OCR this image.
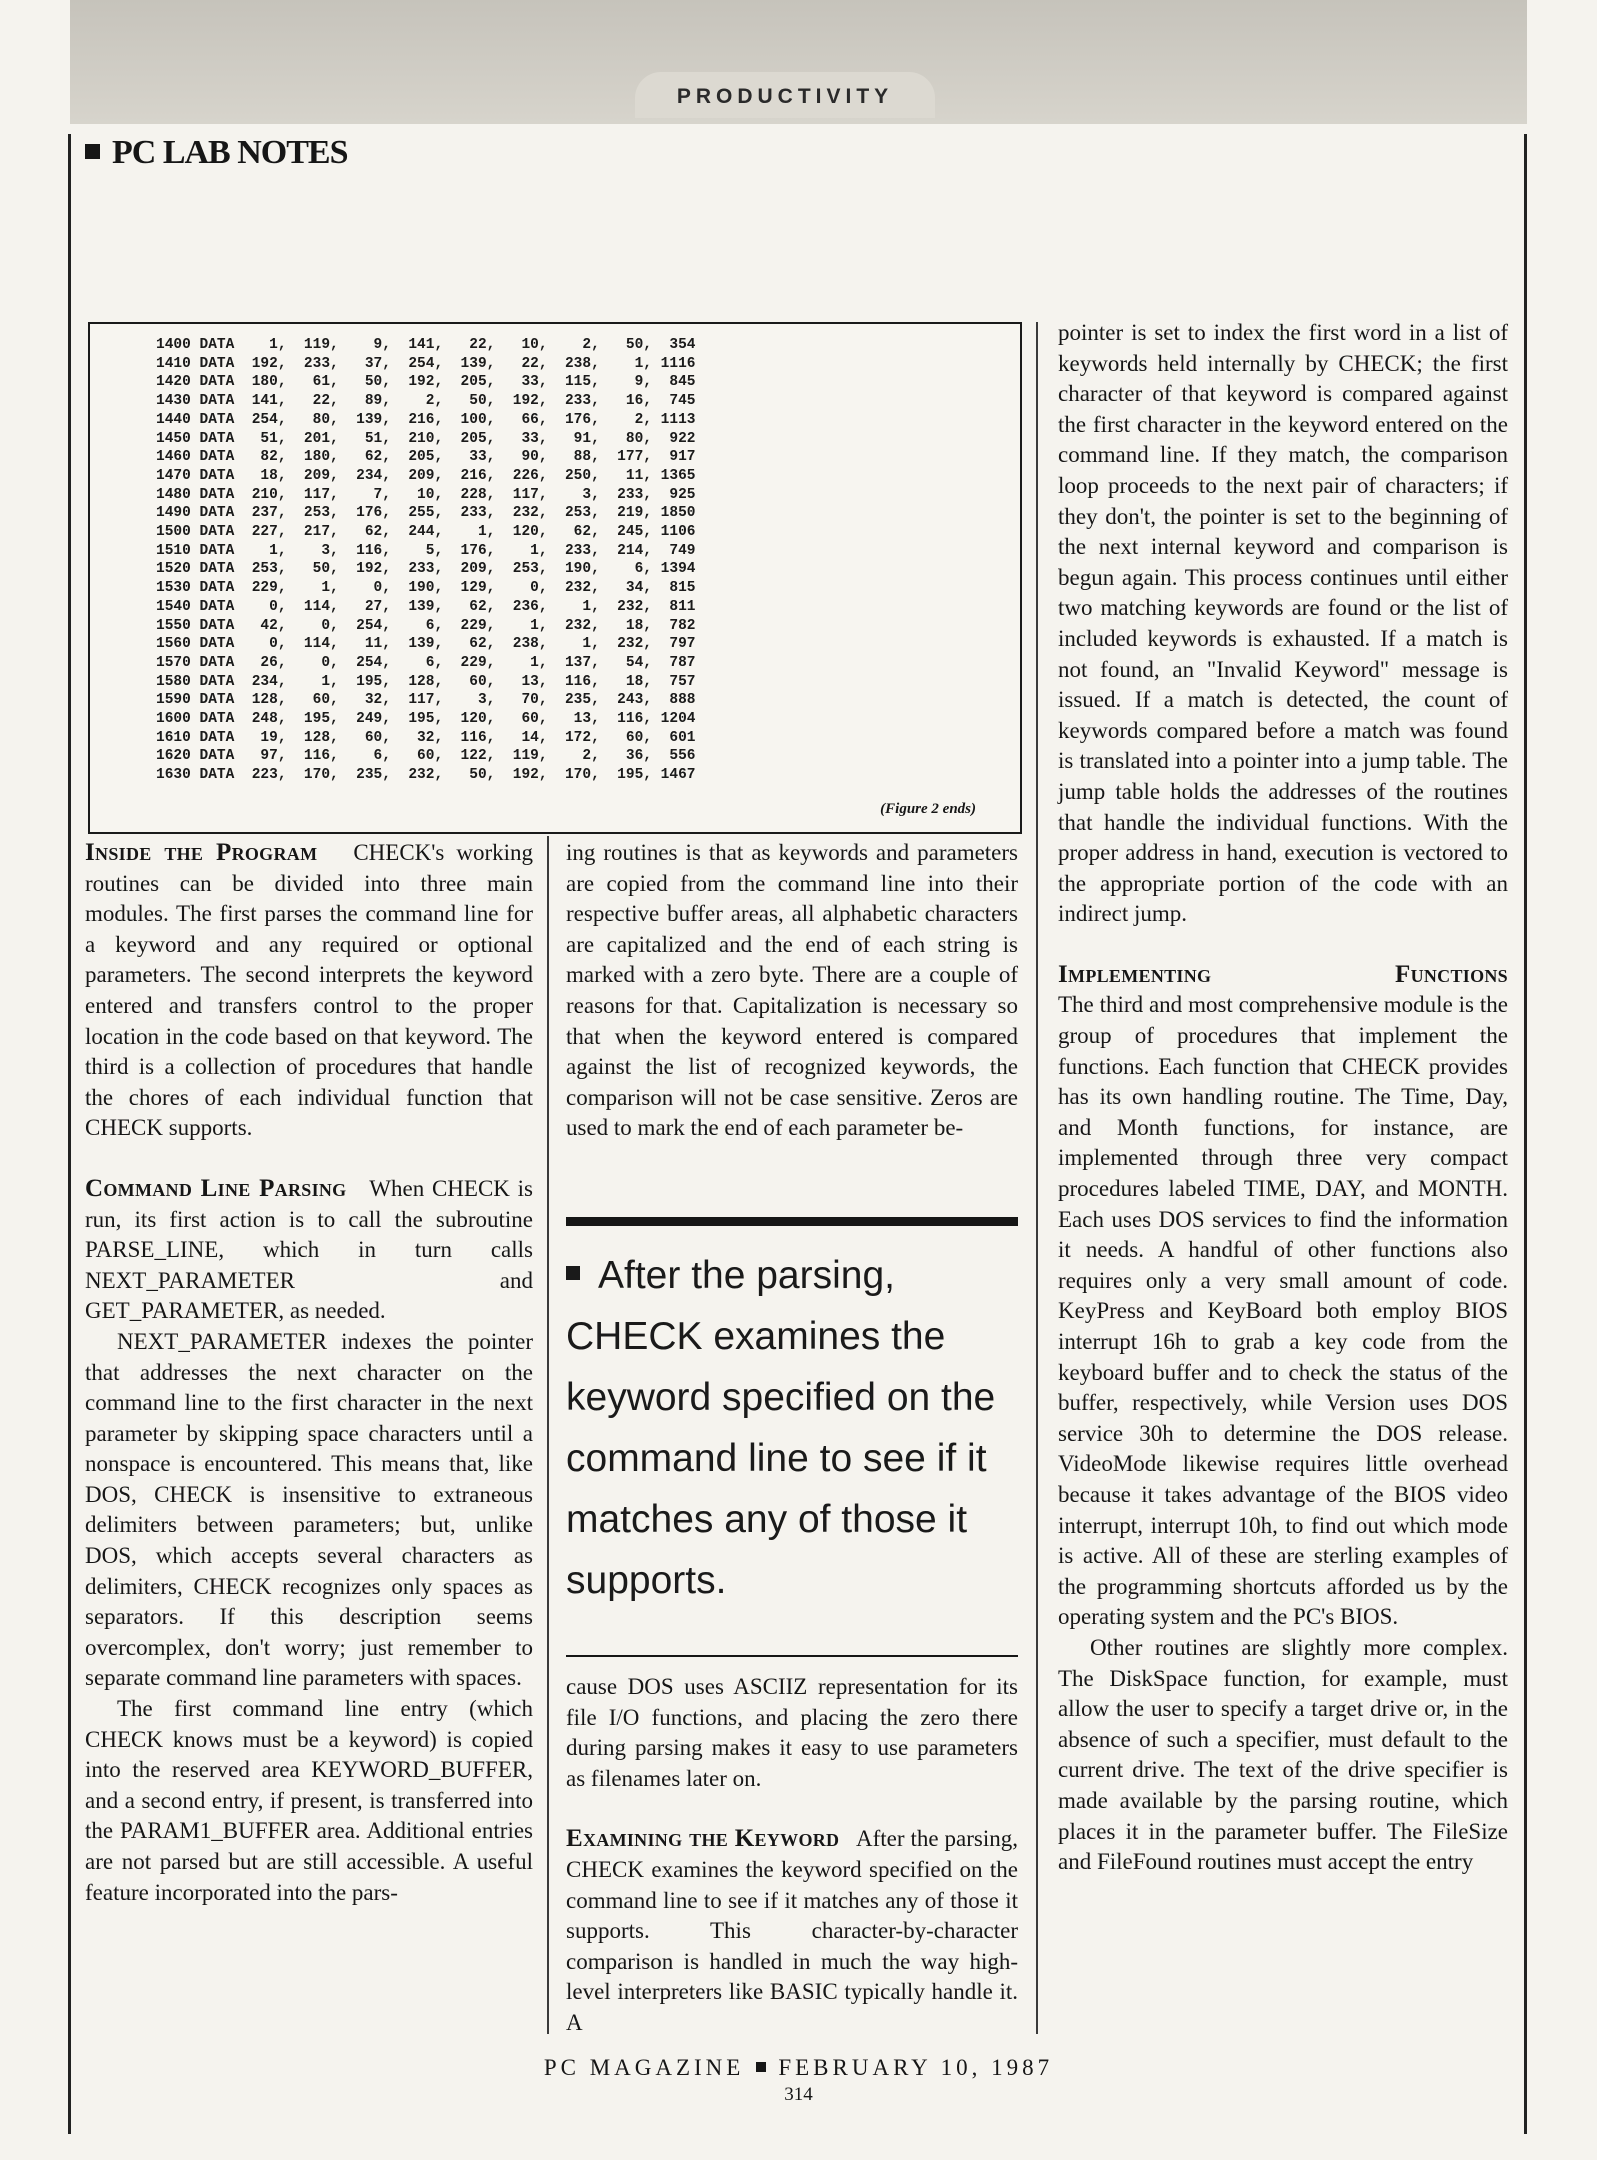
PRODUCTIVITY
PC LAB NOTES
1400 DATA    1,  119,    9,  141,   22,   10,    2,   50,  354
1410 DATA  192,  233,   37,  254,  139,   22,  238,    1, 1116
1420 DATA  180,   61,   50,  192,  205,   33,  115,    9,  845
1430 DATA  141,   22,   89,    2,   50,  192,  233,   16,  745
1440 DATA  254,   80,  139,  216,  100,   66,  176,    2, 1113
1450 DATA   51,  201,   51,  210,  205,   33,   91,   80,  922
1460 DATA   82,  180,   62,  205,   33,   90,   88,  177,  917
1470 DATA   18,  209,  234,  209,  216,  226,  250,   11, 1365
1480 DATA  210,  117,    7,   10,  228,  117,    3,  233,  925
1490 DATA  237,  253,  176,  255,  233,  232,  253,  219, 1850
1500 DATA  227,  217,   62,  244,    1,  120,   62,  245, 1106
1510 DATA    1,    3,  116,    5,  176,    1,  233,  214,  749
1520 DATA  253,   50,  192,  233,  209,  253,  190,    6, 1394
1530 DATA  229,    1,    0,  190,  129,    0,  232,   34,  815
1540 DATA    0,  114,   27,  139,   62,  236,    1,  232,  811
1550 DATA   42,    0,  254,    6,  229,    1,  232,   18,  782
1560 DATA    0,  114,   11,  139,   62,  238,    1,  232,  797
1570 DATA   26,    0,  254,    6,  229,    1,  137,   54,  787
1580 DATA  234,    1,  195,  128,   60,   13,  116,   18,  757
1590 DATA  128,   60,   32,  117,    3,   70,  235,  243,  888
1600 DATA  248,  195,  249,  195,  120,   60,   13,  116, 1204
1610 DATA   19,  128,   60,   32,  116,   14,  172,   60,  601
1620 DATA   97,  116,    6,   60,  122,  119,    2,   36,  556
1630 DATA  223,  170,  235,  232,   50,  192,  170,  195, 1467
(Figure 2 ends)

Inside the Program CHECK's working routines can be divided into three main modules. The first parses the command line for a keyword and any required or optional parameters. The second interprets the keyword entered and transfers control to the proper location in the code based on that keyword. The third is a collection of procedures that handle the chores of each individual function that CHECK supports.

Command Line Parsing When CHECK is run, its first action is to call the subroutine PARSE_LINE, which in turn calls NEXT_PARAMETER and GET_PARAMETER, as needed.

NEXT_PARAMETER indexes the pointer that addresses the next character on the command line to the first character in the next parameter by skipping space characters until a nonspace is encountered. This means that, like DOS, CHECK is insensitive to extraneous delimiters between parameters; but, unlike DOS, which accepts several characters as delimiters, CHECK recognizes only spaces as separators. If this description seems overcomplex, don't worry; just remember to separate command line parameters with spaces.

The first command line entry (which CHECK knows must be a keyword) is copied into the reserved area KEYWORD_BUFFER, and a second entry, if present, is transferred into the PARAM1_BUFFER area. Additional entries are not parsed but are still accessible. A useful feature incorporated into the pars-

ing routines is that as keywords and parameters are copied from the command line into their respective buffer areas, all alphabetic characters are capitalized and the end of each string is marked with a zero byte. There are a couple of reasons for that. Capitalization is necessary so that when the keyword entered is compared against the list of recognized keywords, the comparison will not be case sensitive. Zeros are used to mark the end of each parameter be-

After the parsing, CHECK examines the keyword specified on the command line to see if it matches any of those it supports.

cause DOS uses ASCIIZ representation for its file I/O functions, and placing the zero there during parsing makes it easy to use parameters as filenames later on.

Examining the Keyword After the parsing, CHECK examines the keyword specified on the command line to see if it matches any of those it supports. This character-by-character comparison is handled in much the way high-level interpreters like BASIC typically handle it. A

pointer is set to index the first word in a list of keywords held internally by CHECK; the first character of that keyword is compared against the first character in the keyword entered on the command line. If they match, the comparison loop proceeds to the next pair of characters; if they don't, the pointer is set to the beginning of the next internal keyword and comparison is begun again. This process continues until either two matching keywords are found or the list of included keywords is exhausted. If a match is not found, an "Invalid Keyword" message is issued. If a match is detected, the count of keywords compared before a match was found is translated into a pointer into a jump table. The jump table holds the addresses of the routines that handle the individual functions. With the proper address in hand, execution is vectored to the appropriate portion of the code with an indirect jump.

Implementing Functions

The third and most comprehensive module is the group of procedures that implement the functions. Each function that CHECK provides has its own handling routine. The Time, Day, and Month functions, for instance, are implemented through three very compact procedures labeled TIME, DAY, and MONTH. Each uses DOS services to find the information it needs. A handful of other functions also requires only a very small amount of code. KeyPress and KeyBoard both employ BIOS interrupt 16h to grab a key code from the keyboard buffer and to check the status of the buffer, respectively, while Version uses DOS service 30h to determine the DOS release. VideoMode likewise requires little overhead because it takes advantage of the BIOS video interrupt, interrupt 10h, to find out which mode is active. All of these are sterling examples of the programming shortcuts afforded us by the operating system and the PC's BIOS.

Other routines are slightly more complex. The DiskSpace function, for example, must allow the user to specify a target drive or, in the absence of such a specifier, must default to the current drive. The text of the drive specifier is made available by the parsing routine, which places it in the parameter buffer. The FileSize and FileFound routines must accept the entry

PC MAGAZINE FEBRUARY 10, 1987
314
